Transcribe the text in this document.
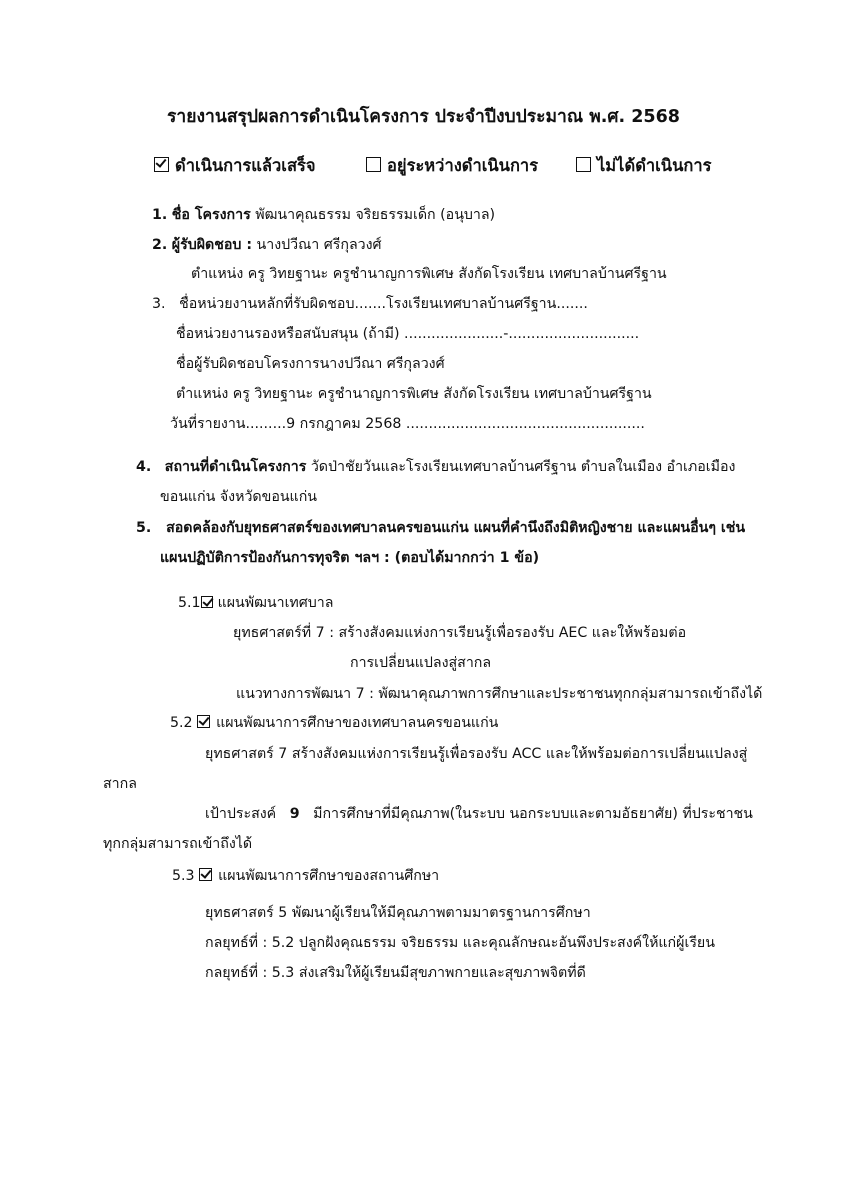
รายงานสรุปผลการดำเนินโครงการ ประจำปีงบประมาณ พ.ศ. 2568
ดำเนินการแล้วเสร็จ	อยู่ระหว่างดำเนินการ	ไม่ได้ดำเนินการ
1. ชื่อ โครงการ พัฒนาคุณธรรม จริยธรรมเด็ก (อนุบาล)
2. ผู้รับผิดชอบ : นางปวีณา ศรีกุลวงศ์
ตำแหน่ง ครู วิทยฐานะ ครูชำนาญการพิเศษ สังกัดโรงเรียน เทศบาลบ้านศรีฐาน
3. ชื่อหน่วยงานหลักที่รับผิดชอบ.......โรงเรียนเทศบาลบ้านศรีฐาน.......
ชื่อหน่วยงานรองหรือสนับสนุน (ถ้ามี) ......................-.............................
ชื่อผู้รับผิดชอบโครงการนางปวีณา ศรีกุลวงศ์
ตำแหน่ง ครู วิทยฐานะ ครูชำนาญการพิเศษ สังกัดโรงเรียน เทศบาลบ้านศรีฐาน
วันที่รายงาน.........9 กรกฎาคม 2568 .....................................................
4. สถานที่ดำเนินโครงการ วัดป่าชัยวันและโรงเรียนเทศบาลบ้านศรีฐาน ตำบลในเมือง อำเภอเมือง
ขอนแก่น จังหวัดขอนแก่น
5. สอดคล้องกับยุทธศาสตร์ของเทศบาลนครขอนแก่น แผนที่คำนึงถึงมิติหญิงชาย และแผนอื่นๆ เช่น
แผนปฏิบัติการป้องกันการทุจริต ฯลฯ : (ตอบได้มากกว่า 1 ข้อ)
5.1 แผนพัฒนาเทศบาล
ยุทธศาสตร์ที่ 7 : สร้างสังคมแห่งการเรียนรู้เพื่อรองรับ AEC และให้พร้อมต่อ
การเปลี่ยนแปลงสู่สากล
แนวทางการพัฒนา 7 : พัฒนาคุณภาพการศึกษาและประชาชนทุกกลุ่มสามารถเข้าถึงได้
5.2 แผนพัฒนาการศึกษาของเทศบาลนครขอนแก่น
ยุทธศาสตร์ 7 สร้างสังคมแห่งการเรียนรู้เพื่อรองรับ ACC และให้พร้อมต่อการเปลี่ยนแปลงสู่
สากล
เป้าประสงค์ 9 มีการศึกษาที่มีคุณภาพ(ในระบบ นอกระบบและตามอัธยาศัย) ที่ประชาชน
ทุกกลุ่มสามารถเข้าถึงได้
5.3 แผนพัฒนาการศึกษาของสถานศึกษา
ยุทธศาสตร์ 5 พัฒนาผู้เรียนให้มีคุณภาพตามมาตรฐานการศึกษา
กลยุทธ์ที่ : 5.2 ปลูกฝังคุณธรรม จริยธรรม และคุณลักษณะอันพึงประสงค์ให้แก่ผู้เรียน
กลยุทธ์ที่ : 5.3 ส่งเสริมให้ผู้เรียนมีสุขภาพกายและสุขภาพจิตที่ดี
